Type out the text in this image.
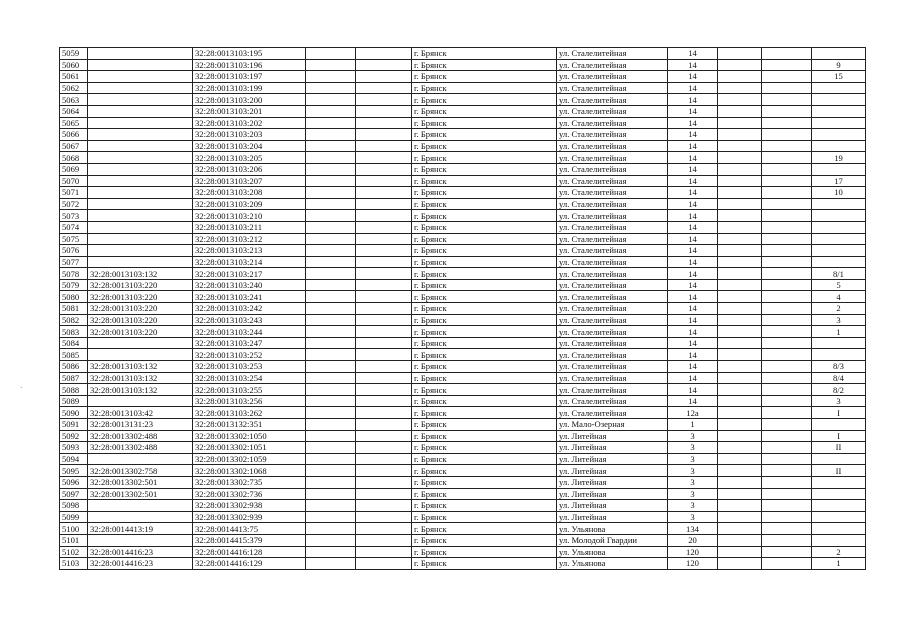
·
5059		32:28:0013103:195			г. Брянск	ул. Сталелитейная	14			
5060		32:28:0013103:196			г. Брянск	ул. Сталелитейная	14			9
5061		32:28:0013103:197			г. Брянск	ул. Сталелитейная	14			15
5062		32:28:0013103:199			г. Брянск	ул. Сталелитейная	14			
5063		32:28:0013103:200			г. Брянск	ул. Сталелитейная	14			
5064		32:28:0013103:201			г. Брянск	ул. Сталелитейная	14			
5065		32:28:0013103:202			г. Брянск	ул. Сталелитейная	14			
5066		32:28:0013103:203			г. Брянск	ул. Сталелитейная	14			
5067		32:28:0013103:204			г. Брянск	ул. Сталелитейная	14			
5068		32:28:0013103:205			г. Брянск	ул. Сталелитейная	14			19
5069		32:28:0013103:206			г. Брянск	ул. Сталелитейная	14			
5070		32:28:0013103:207			г. Брянск	ул. Сталелитейная	14			17
5071		32:28:0013103:208			г. Брянск	ул. Сталелитейная	14			10
5072		32:28:0013103:209			г. Брянск	ул. Сталелитейная	14			
5073		32:28:0013103:210			г. Брянск	ул. Сталелитейная	14			
5074		32:28:0013103:211			г. Брянск	ул. Сталелитейная	14			
5075		32:28:0013103:212			г. Брянск	ул. Сталелитейная	14			
5076		32:28:0013103:213			г. Брянск	ул. Сталелитейная	14			
5077		32:28:0013103:214			г. Брянск	ул. Сталелитейная	14			
5078	32:28:0013103:132	32:28:0013103:217			г. Брянск	ул. Сталелитейная	14			8/1
5079	32:28:0013103:220	32:28:0013103:240			г. Брянск	ул. Сталелитейная	14			5
5080	32:28:0013103:220	32:28:0013103:241			г. Брянск	ул. Сталелитейная	14			4
5081	32:28:0013103:220	32:28:0013103:242			г. Брянск	ул. Сталелитейная	14			2
5082	32:28:0013103:220	32:28:0013103:243			г. Брянск	ул. Сталелитейная	14			3
5083	32:28:0013103:220	32:28:0013103:244			г. Брянск	ул. Сталелитейная	14			1
5084		32:28:0013103:247			г. Брянск	ул. Сталелитейная	14			
5085		32:28:0013103:252			г. Брянск	ул. Сталелитейная	14			
5086	32:28:0013103:132	32:28:0013103:253			г. Брянск	ул. Сталелитейная	14			8/3
5087	32:28:0013103:132	32:28:0013103:254			г. Брянск	ул. Сталелитейная	14			8/4
5088	32:28:0013103:132	32:28:0013103:255			г. Брянск	ул. Сталелитейная	14			8/2
5089		32:28:0013103:256			г. Брянск	ул. Сталелитейная	14			3
5090	32:28:0013103:42	32:28:0013103:262			г. Брянск	ул. Сталелитейная	12а			I
5091	32:28:0013131:23	32:28:0013132:351			г. Брянск	ул. Мало-Озерная	1			
5092	32:28:0013302:488	32:28:0013302:1050			г. Брянск	ул. Литейная	3			I
5093	32:28:0013302:488	32:28:0013302:1051			г. Брянск	ул. Литейная	3			II
5094		32:28:0013302:1059			г. Брянск	ул. Литейная	3			
5095	32:28:0013302:758	32:28:0013302:1068			г. Брянск	ул. Литейная	3			II
5096	32:28:0013302:501	32:28:0013302:735			г. Брянск	ул. Литейная	3			
5097	32:28:0013302:501	32:28:0013302:736			г. Брянск	ул. Литейная	3			
5098		32:28:0013302:938			г. Брянск	ул. Литейная	3			
5099		32:28:0013302:939			г. Брянск	ул. Литейная	3			
5100	32:28:0014413:19	32:28:0014413:75			г. Брянск	ул. Ульянова	134			
5101		32:28:0014415:379			г. Брянск	ул. Молодой Гвардии	20			
5102	32:28:0014416:23	32:28:0014416:128			г. Брянск	ул. Ульянова	120			2
5103	32:28:0014416:23	32:28:0014416:129			г. Брянск	ул. Ульянова	120			1
